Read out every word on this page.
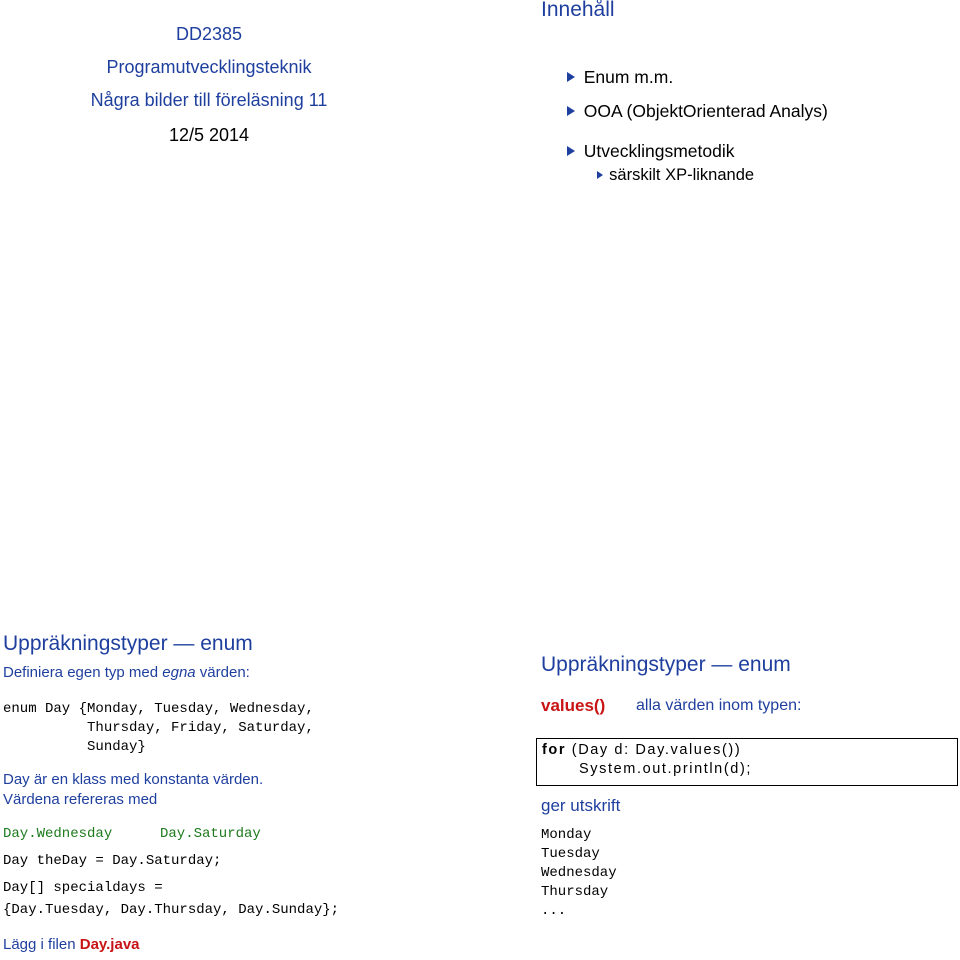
DD2385
Programutvecklingsteknik
Några bilder till föreläsning 11
12/5 2014
Innehåll

Enum m.m.

OOA (ObjektOrienterad Analys)

Utvecklingsmetodik

särskilt XP-liknande

Uppräkningstyper — enum
Definiera egen typ med egna värden:
enum Day {Monday, Tuesday, Wednesday,
Thursday, Friday, Saturday,
Sunday}
Day är en klass med konstanta värden.
Värdena refereras med
Day.Wednesday	Day.Saturday
Day theDay = Day.Saturday;
Day[] specialdays =
{Day.Tuesday, Day.Thursday, Day.Sunday};
Lägg i filen Day.java
Uppräkningstyper — enum
values() alla värden inom typen:
for (Day d: Day.values())
System.out.println(d);
ger utskrift
Monday
Tuesday
Wednesday
Thursday
...
